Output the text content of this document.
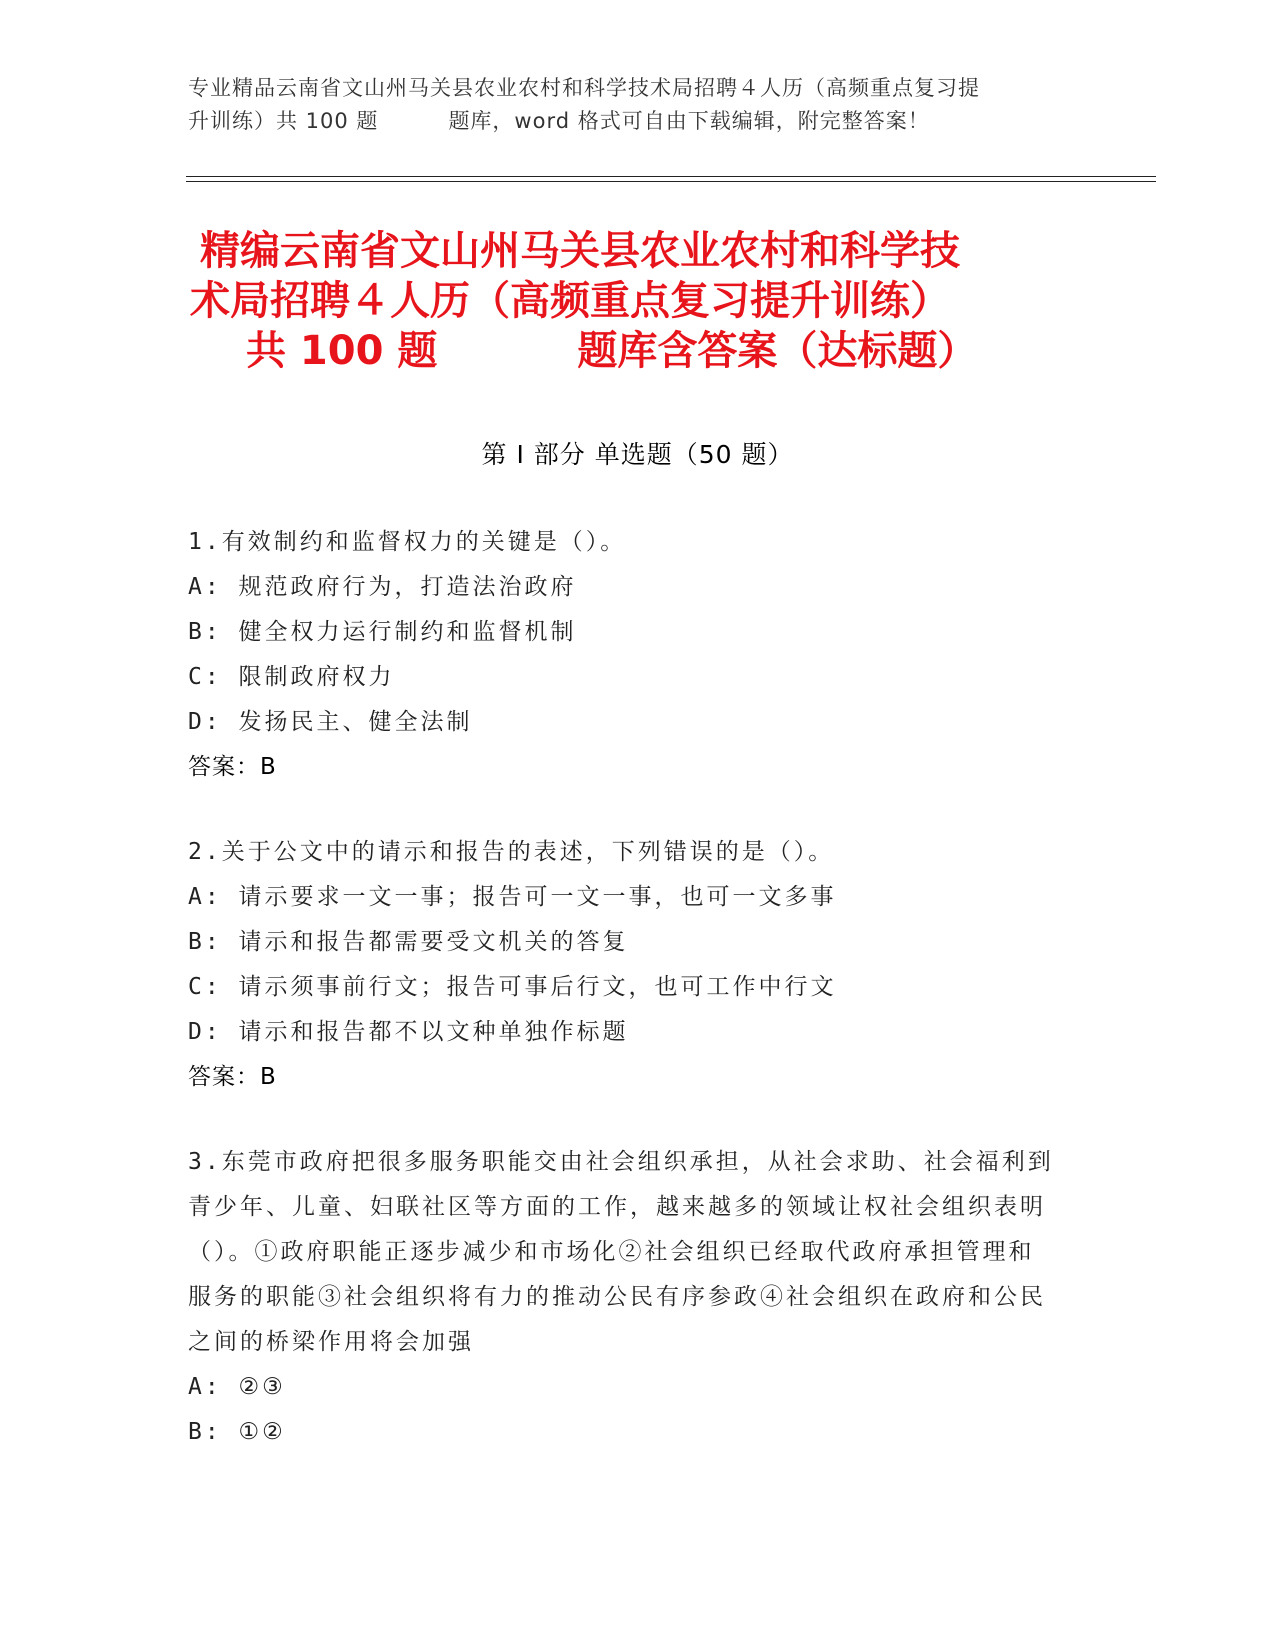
专业精品云南省文山州马关县农业农村和科学技术局招聘４人历（高频重点复习提
升训练）共 100 题	题库，word 格式可自由下载编辑，附完整答案！
精编云南省文山州马关县农业农村和科学技
术局招聘４人历（高频重点复习提升训练）
共 100 题	题库含答案（达标题）
第 I 部分 单选题（50 题）
1.有效制约和监督权力的关键是（）。
A: 规范政府行为，打造法治政府
B: 健全权力运行制约和监督机制
C: 限制政府权力
D: 发扬民主、健全法制
答案：B
2.关于公文中的请示和报告的表述，下列错误的是（）。
A: 请示要求一文一事；报告可一文一事，也可一文多事
B: 请示和报告都需要受文机关的答复
C: 请示须事前行文；报告可事后行文，也可工作中行文
D: 请示和报告都不以文种单独作标题
答案：B
3.东莞市政府把很多服务职能交由社会组织承担，从社会求助、社会福利到青少年、儿童、妇联社区等方面的工作，越来越多的领域让权社会组织表明（）。①政府职能正逐步减少和市场化②社会组织已经取代政府承担管理和服务的职能③社会组织将有力的推动公民有序参政④社会组织在政府和公民之间的桥梁作用将会加强
A: ②③
B: ①②
